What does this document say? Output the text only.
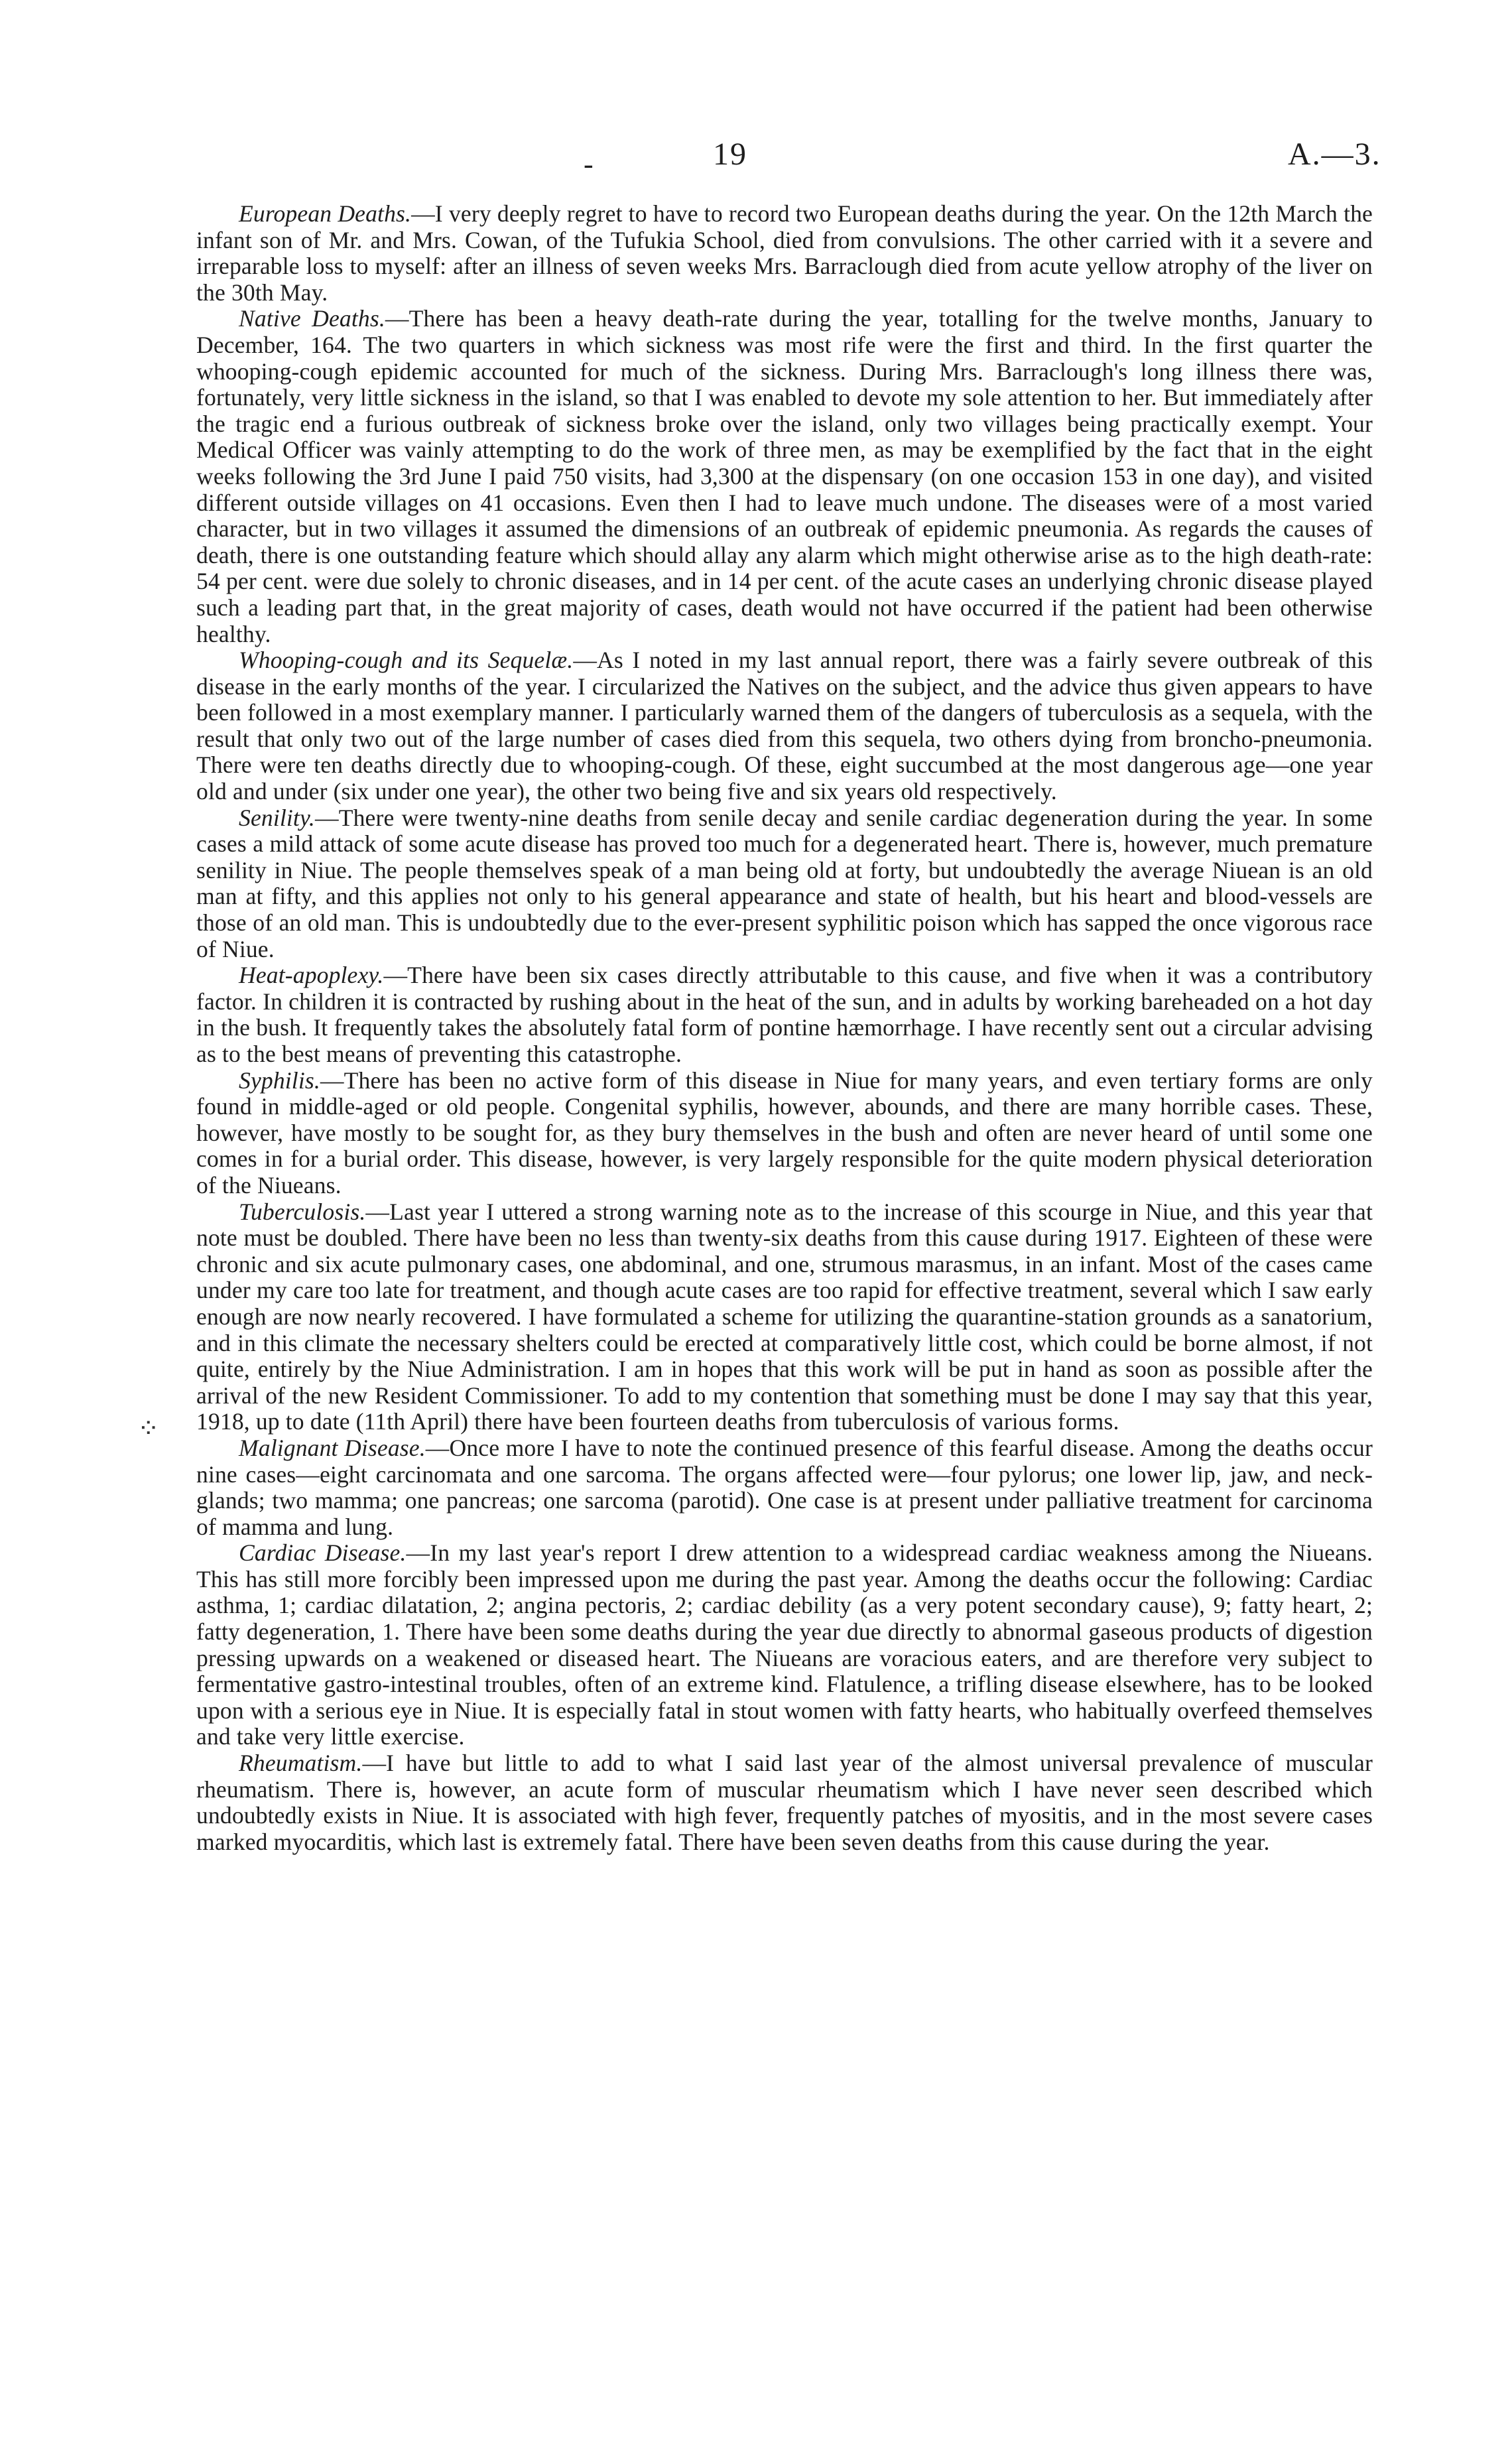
-	19	A.—3.
⁘

European Deaths.—I very deeply regret to have to record two European deaths during the year. On the 12th March the infant son of Mr. and Mrs. Cowan, of the Tufukia School, died from convulsions. The other carried with it a severe and irreparable loss to myself: after an illness of seven weeks Mrs. Barraclough died from acute yellow atrophy of the liver on the 30th May.

Native Deaths.—There has been a heavy death-rate during the year, totalling for the twelve months, January to December, 164. The two quarters in which sickness was most rife were the first and third. In the first quarter the whooping-cough epidemic accounted for much of the sickness. During Mrs. Barraclough's long illness there was, fortunately, very little sickness in the island, so that I was enabled to devote my sole attention to her. But immediately after the tragic end a furious outbreak of sickness broke over the island, only two villages being practically exempt. Your Medical Officer was vainly attempting to do the work of three men, as may be exemplified by the fact that in the eight weeks following the 3rd June I paid 750 visits, had 3,300 at the dispensary (on one occasion 153 in one day), and visited different outside villages on 41 occasions. Even then I had to leave much undone. The diseases were of a most varied character, but in two villages it assumed the dimensions of an outbreak of epidemic pneumonia. As regards the causes of death, there is one outstanding feature which should allay any alarm which might otherwise arise as to the high death-rate: 54 per cent. were due solely to chronic diseases, and in 14 per cent. of the acute cases an underlying chronic disease played such a leading part that, in the great majority of cases, death would not have occurred if the patient had been otherwise healthy.

Whooping-cough and its Sequelæ.—As I noted in my last annual report, there was a fairly severe outbreak of this disease in the early months of the year. I circularized the Natives on the subject, and the advice thus given appears to have been followed in a most exemplary manner. I particularly warned them of the dangers of tuberculosis as a sequela, with the result that only two out of the large number of cases died from this sequela, two others dying from broncho-pneumonia. There were ten deaths directly due to whooping-cough. Of these, eight succumbed at the most dangerous age—one year old and under (six under one year), the other two being five and six years old respectively.

Senility.—There were twenty-nine deaths from senile decay and senile cardiac degeneration during the year. In some cases a mild attack of some acute disease has proved too much for a degenerated heart. There is, however, much premature senility in Niue. The people themselves speak of a man being old at forty, but undoubtedly the average Niuean is an old man at fifty, and this applies not only to his general appearance and state of health, but his heart and blood-vessels are those of an old man. This is undoubtedly due to the ever-present syphilitic poison which has sapped the once vigorous race of Niue.

Heat-apoplexy.—There have been six cases directly attributable to this cause, and five when it was a contributory factor. In children it is contracted by rushing about in the heat of the sun, and in adults by working bareheaded on a hot day in the bush. It frequently takes the absolutely fatal form of pontine hæmorrhage. I have recently sent out a circular advising as to the best means of preventing this catastrophe.

Syphilis.—There has been no active form of this disease in Niue for many years, and even tertiary forms are only found in middle-aged or old people. Congenital syphilis, however, abounds, and there are many horrible cases. These, however, have mostly to be sought for, as they bury themselves in the bush and often are never heard of until some one comes in for a burial order. This disease, however, is very largely responsible for the quite modern physical deterioration of the Niueans.

Tuberculosis.—Last year I uttered a strong warning note as to the increase of this scourge in Niue, and this year that note must be doubled. There have been no less than twenty-six deaths from this cause during 1917. Eighteen of these were chronic and six acute pulmonary cases, one abdominal, and one, strumous marasmus, in an infant. Most of the cases came under my care too late for treatment, and though acute cases are too rapid for effective treatment, several which I saw early enough are now nearly recovered. I have formulated a scheme for utilizing the quarantine-station grounds as a sanatorium, and in this climate the necessary shelters could be erected at comparatively little cost, which could be borne almost, if not quite, entirely by the Niue Administration. I am in hopes that this work will be put in hand as soon as possible after the arrival of the new Resident Commissioner. To add to my contention that something must be done I may say that this year, 1918, up to date (11th April) there have been fourteen deaths from tuberculosis of various forms.

Malignant Disease.—Once more I have to note the continued presence of this fearful disease. Among the deaths occur nine cases—eight carcinomata and one sarcoma. The organs affected were—four pylorus; one lower lip, jaw, and neck-glands; two mamma; one pancreas; one sarcoma (parotid). One case is at present under palliative treatment for carcinoma of mamma and lung.

Cardiac Disease.—In my last year's report I drew attention to a widespread cardiac weakness among the Niueans. This has still more forcibly been impressed upon me during the past year. Among the deaths occur the following: Cardiac asthma, 1; cardiac dilatation, 2; angina pectoris, 2; cardiac debility (as a very potent secondary cause), 9; fatty heart, 2; fatty degeneration, 1. There have been some deaths during the year due directly to abnormal gaseous products of digestion pressing upwards on a weakened or diseased heart. The Niueans are voracious eaters, and are therefore very subject to fermentative gastro-intestinal troubles, often of an extreme kind. Flatulence, a trifling disease elsewhere, has to be looked upon with a serious eye in Niue. It is especially fatal in stout women with fatty hearts, who habitually overfeed themselves and take very little exercise.

Rheumatism.—I have but little to add to what I said last year of the almost universal prevalence of muscular rheumatism. There is, however, an acute form of muscular rheumatism which I have never seen described which undoubtedly exists in Niue. It is associated with high fever, frequently patches of myositis, and in the most severe cases marked myocarditis, which last is extremely fatal. There have been seven deaths from this cause during the year.
